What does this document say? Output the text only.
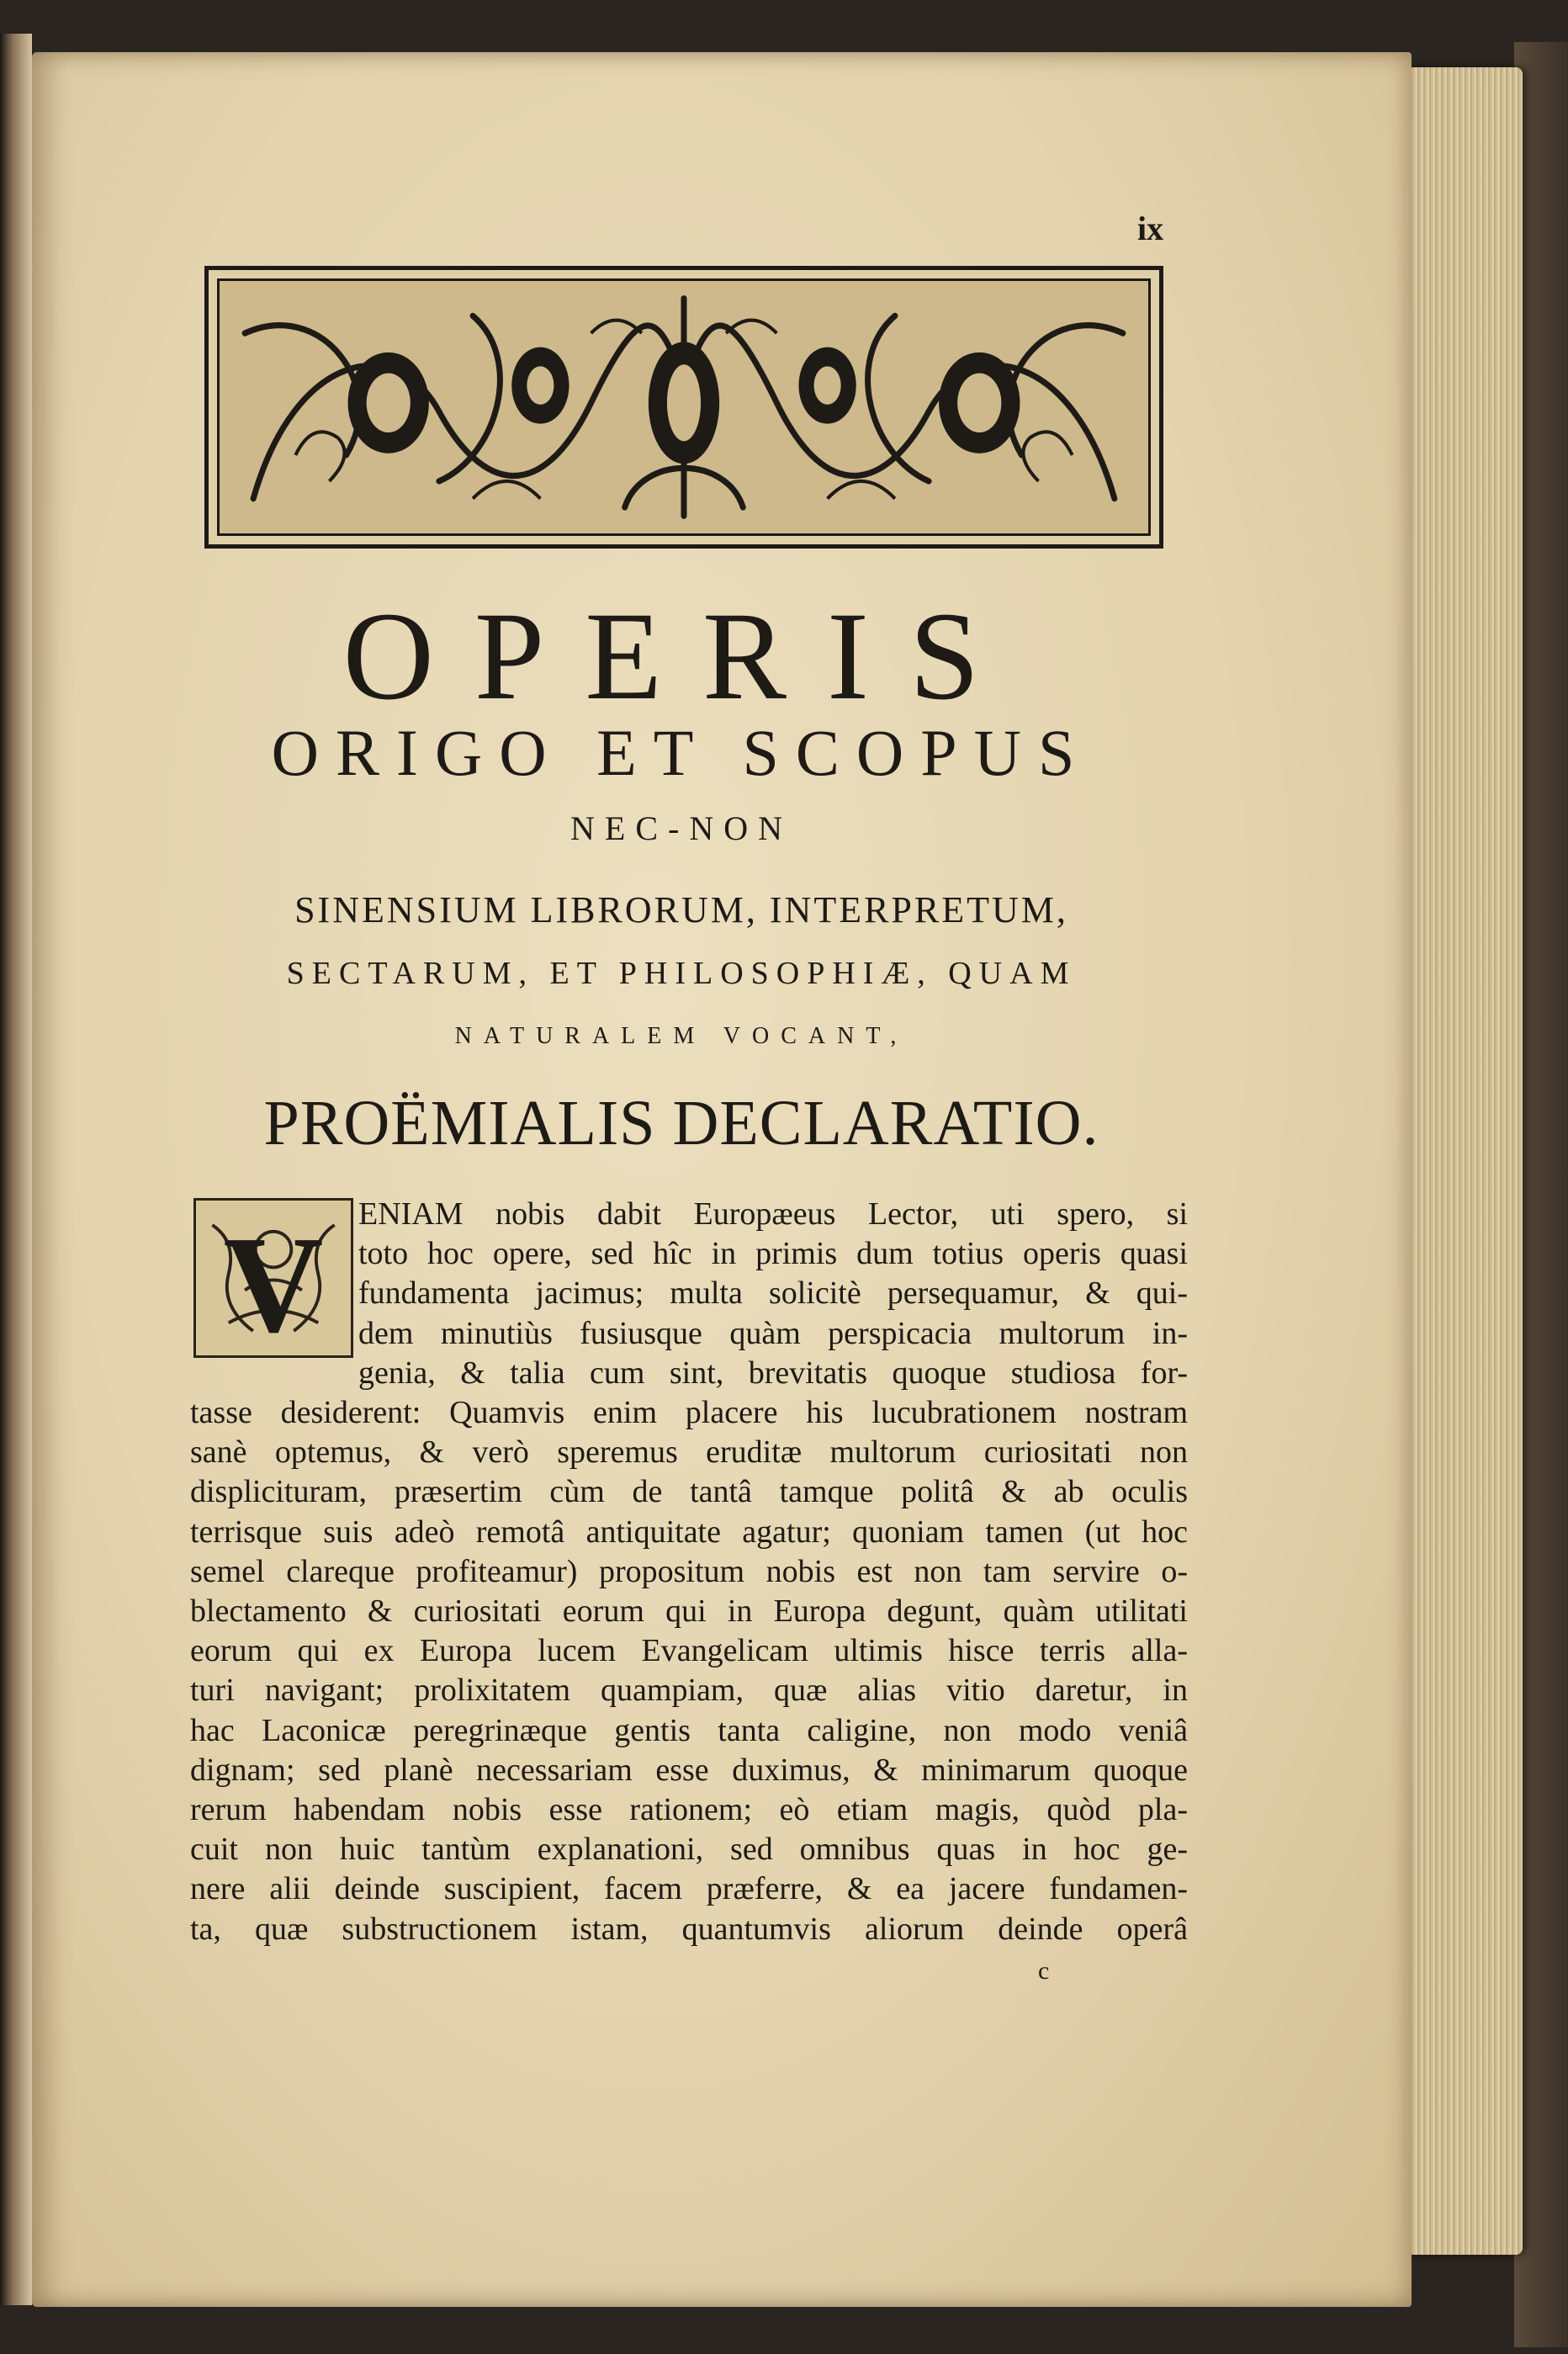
ix
OPERIS
ORIGO ET SCOPUS
NEC-NON
SINENSIUM LIBRORUM, INTERPRETUM,
SECTARUM, ET PHILOSOPHIÆ, QUAM
NATURALEM VOCANT,
PROËMIALIS DECLARATIO.
V	ENIAM nobis dabit Europæeus Lector, uti spero, si
toto hoc opere, sed hîc in primis dum totius operis quasi
fundamenta jacimus; multa solicitè persequamur, & qui-
dem minutiùs fusiusque quàm perspicacia multorum in-
genia, & talia cum sint, brevitatis quoque studiosa for-
tasse desiderent: Quamvis enim placere his lucubrationem nostram
sanè optemus, & verò speremus eruditæ multorum curiositati non
displicituram, præsertim cùm de tantâ tamque politâ & ab oculis
terrisque suis adeò remotâ antiquitate agatur; quoniam tamen (ut hoc
semel clareque profiteamur) propositum nobis est non tam servire o-
blectamento & curiositati eorum qui in Europa degunt, quàm utilitati
eorum qui ex Europa lucem Evangelicam ultimis hisce terris alla-
turi navigant; prolixitatem quampiam, quæ alias vitio daretur, in
hac Laconicæ peregrinæque gentis tanta caligine, non modo veniâ
dignam; sed planè necessariam esse duximus, & minimarum quoque
rerum habendam nobis esse rationem; eò etiam magis, quòd pla-
cuit non huic tantùm explanationi, sed omnibus quas in hoc ge-
nere alii deinde suscipient, facem præferre, & ea jacere fundamen-
ta, quæ substructionem istam, quantumvis aliorum deinde operâ
c
